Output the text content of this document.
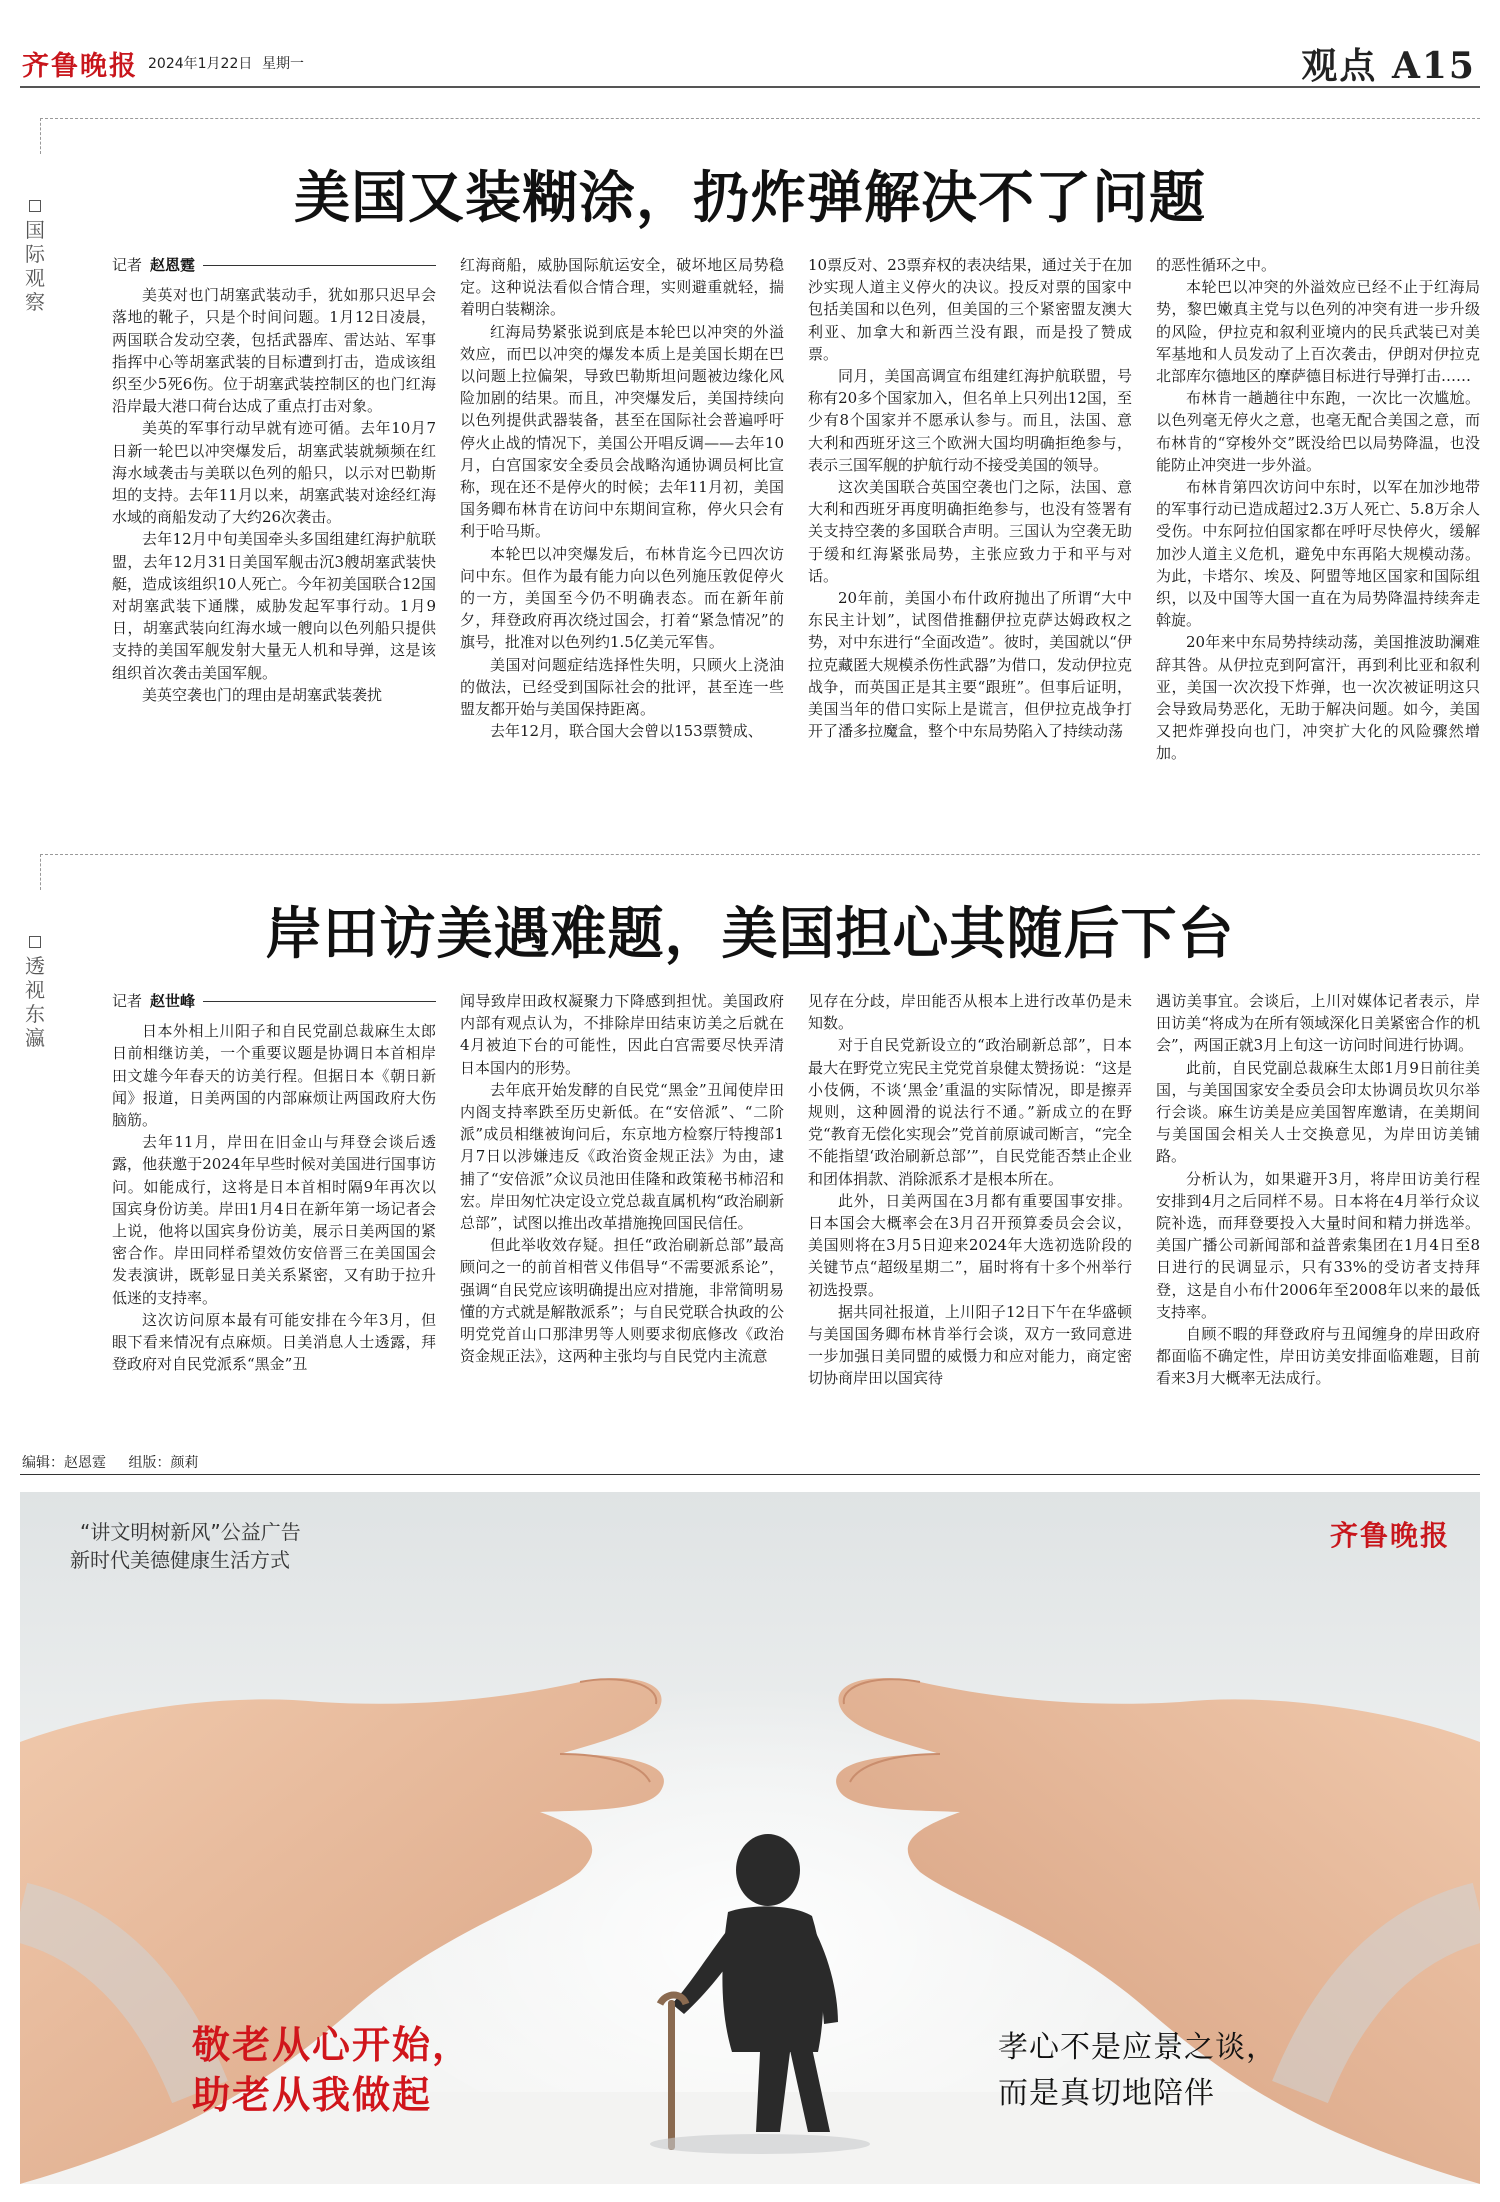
齐鲁晚报 2024年1月22日 星期一	观点 A15
美国又装糊涂，扔炸弹解决不了问题
国
际
观
察
记者 赵恩霆

美英对也门胡塞武装动手，犹如那只迟早会落地的靴子，只是个时间问题。1月12日凌晨，两国联合发动空袭，包括武器库、雷达站、军事指挥中心等胡塞武装的目标遭到打击，造成该组织至少5死6伤。位于胡塞武装控制区的也门红海沿岸最大港口荷台达成了重点打击对象。

美英的军事行动早就有迹可循。去年10月7日新一轮巴以冲突爆发后，胡塞武装就频频在红海水域袭击与美联以色列的船只，以示对巴勒斯坦的支持。去年11月以来，胡塞武装对途经红海水域的商船发动了大约26次袭击。

去年12月中旬美国牵头多国组建红海护航联盟，去年12月31日美国军舰击沉3艘胡塞武装快艇，造成该组织10人死亡。今年初美国联合12国对胡塞武装下通牒，威胁发起军事行动。1月9日，胡塞武装向红海水域一艘向以色列船只提供支持的美国军舰发射大量无人机和导弹，这是该组织首次袭击美国军舰。

美英空袭也门的理由是胡塞武装袭扰

红海商船，威胁国际航运安全，破坏地区局势稳定。这种说法看似合情合理，实则避重就轻，揣着明白装糊涂。

红海局势紧张说到底是本轮巴以冲突的外溢效应，而巴以冲突的爆发本质上是美国长期在巴以问题上拉偏架，导致巴勒斯坦问题被边缘化风险加剧的结果。而且，冲突爆发后，美国持续向以色列提供武器装备，甚至在国际社会普遍呼吁停火止战的情况下，美国公开唱反调——去年10月，白宫国家安全委员会战略沟通协调员柯比宣称，现在还不是停火的时候；去年11月初，美国国务卿布林肯在访问中东期间宣称，停火只会有利于哈马斯。

本轮巴以冲突爆发后，布林肯迄今已四次访问中东。但作为最有能力向以色列施压敦促停火的一方，美国至今仍不明确表态。而在新年前夕，拜登政府再次绕过国会，打着“紧急情况”的旗号，批准对以色列约1.5亿美元军售。

美国对问题症结选择性失明，只顾火上浇油的做法，已经受到国际社会的批评，甚至连一些盟友都开始与美国保持距离。

去年12月，联合国大会曾以153票赞成、

10票反对、23票弃权的表决结果，通过关于在加沙实现人道主义停火的决议。投反对票的国家中包括美国和以色列，但美国的三个紧密盟友澳大利亚、加拿大和新西兰没有跟，而是投了赞成票。

同月，美国高调宣布组建红海护航联盟，号称有20多个国家加入，但名单上只列出12国，至少有8个国家并不愿承认参与。而且，法国、意大利和西班牙这三个欧洲大国均明确拒绝参与，表示三国军舰的护航行动不接受美国的领导。

这次美国联合英国空袭也门之际，法国、意大利和西班牙再度明确拒绝参与，也没有签署有关支持空袭的多国联合声明。三国认为空袭无助于缓和红海紧张局势，主张应致力于和平与对话。

20年前，美国小布什政府抛出了所谓“大中东民主计划”，试图借推翻伊拉克萨达姆政权之势，对中东进行“全面改造”。彼时，美国就以“伊拉克藏匿大规模杀伤性武器”为借口，发动伊拉克战争，而英国正是其主要“跟班”。但事后证明，美国当年的借口实际上是谎言，但伊拉克战争打开了潘多拉魔盒，整个中东局势陷入了持续动荡

的恶性循环之中。

本轮巴以冲突的外溢效应已经不止于红海局势，黎巴嫩真主党与以色列的冲突有进一步升级的风险，伊拉克和叙利亚境内的民兵武装已对美军基地和人员发动了上百次袭击，伊朗对伊拉克北部库尔德地区的摩萨德目标进行导弹打击……

布林肯一趟趟往中东跑，一次比一次尴尬。以色列毫无停火之意，也毫无配合美国之意，而布林肯的“穿梭外交”既没给巴以局势降温，也没能防止冲突进一步外溢。

布林肯第四次访问中东时，以军在加沙地带的军事行动已造成超过2.3万人死亡、5.8万余人受伤。中东阿拉伯国家都在呼吁尽快停火，缓解加沙人道主义危机，避免中东再陷大规模动荡。为此，卡塔尔、埃及、阿盟等地区国家和国际组织，以及中国等大国一直在为局势降温持续奔走斡旋。

20年来中东局势持续动荡，美国推波助澜难辞其咎。从伊拉克到阿富汗，再到利比亚和叙利亚，美国一次次投下炸弹，也一次次被证明这只会导致局势恶化，无助于解决问题。如今，美国又把炸弹投向也门，冲突扩大化的风险骤然增加。

岸田访美遇难题，美国担心其随后下台
透
视
东
瀛
记者 赵世峰

日本外相上川阳子和自民党副总裁麻生太郎日前相继访美，一个重要议题是协调日本首相岸田文雄今年春天的访美行程。但据日本《朝日新闻》报道，日美两国的内部麻烦让两国政府大伤脑筋。

去年11月，岸田在旧金山与拜登会谈后透露，他获邀于2024年早些时候对美国进行国事访问。如能成行，这将是日本首相时隔9年再次以国宾身份访美。岸田1月4日在新年第一场记者会上说，他将以国宾身份访美，展示日美两国的紧密合作。岸田同样希望效仿安倍晋三在美国国会发表演讲，既彰显日美关系紧密，又有助于拉升低迷的支持率。

这次访问原本最有可能安排在今年3月，但眼下看来情况有点麻烦。日美消息人士透露，拜登政府对自民党派系“黑金”丑

闻导致岸田政权凝聚力下降感到担忧。美国政府内部有观点认为，不排除岸田结束访美之后就在4月被迫下台的可能性，因此白宫需要尽快弄清日本国内的形势。

去年底开始发酵的自民党“黑金”丑闻使岸田内阁支持率跌至历史新低。在“安倍派”、“二阶派”成员相继被询问后，东京地方检察厅特搜部1月7日以涉嫌违反《政治资金规正法》为由，逮捕了“安倍派”众议员池田佳隆和政策秘书柿沼和宏。岸田匆忙决定设立党总裁直属机构“政治刷新总部”，试图以推出改革措施挽回国民信任。

但此举收效存疑。担任“政治刷新总部”最高顾问之一的前首相菅义伟倡导“不需要派系论”，强调“自民党应该明确提出应对措施，非常简明易懂的方式就是解散派系”；与自民党联合执政的公明党党首山口那津男等人则要求彻底修改《政治资金规正法》，这两种主张均与自民党内主流意

见存在分歧，岸田能否从根本上进行改革仍是未知数。

对于自民党新设立的“政治刷新总部”，日本最大在野党立宪民主党党首泉健太赞扬说：“这是小伎俩，不谈‘黑金’重温的实际情况，即是擦弄规则，这种圆滑的说法行不通。”新成立的在野党“教育无偿化实现会”党首前原诚司断言，“完全不能指望‘政治刷新总部’”，自民党能否禁止企业和团体捐款、消除派系才是根本所在。

此外，日美两国在3月都有重要国事安排。日本国会大概率会在3月召开预算委员会会议，美国则将在3月5日迎来2024年大选初选阶段的关键节点“超级星期二”，届时将有十多个州举行初选投票。

据共同社报道，上川阳子12日下午在华盛顿与美国国务卿布林肯举行会谈，双方一致同意进一步加强日美同盟的威慑力和应对能力，商定密切协商岸田以国宾待

遇访美事宜。会谈后，上川对媒体记者表示，岸田访美“将成为在所有领域深化日美紧密合作的机会”，两国正就3月上旬这一访问时间进行协调。

此前，自民党副总裁麻生太郎1月9日前往美国，与美国国家安全委员会印太协调员坎贝尔举行会谈。麻生访美是应美国智库邀请，在美期间与美国国会相关人士交换意见，为岸田访美铺路。

分析认为，如果避开3月，将岸田访美行程安排到4月之后同样不易。日本将在4月举行众议院补选，而拜登要投入大量时间和精力拼选举。美国广播公司新闻部和益普索集团在1月4日至8日进行的民调显示，只有33%的受访者支持拜登，这是自小布什2006年至2008年以来的最低支持率。

自顾不暇的拜登政府与丑闻缠身的岸田政府都面临不确定性，岸田访美安排面临难题，目前看来3月大概率无法成行。

编辑：赵恩霆 组版：颜莉
“讲文明树新风”公益广告
新时代美德健康生活方式
齐鲁晚报
敬老从心开始，
助老从我做起
孝心不是应景之谈，
而是真切地陪伴
